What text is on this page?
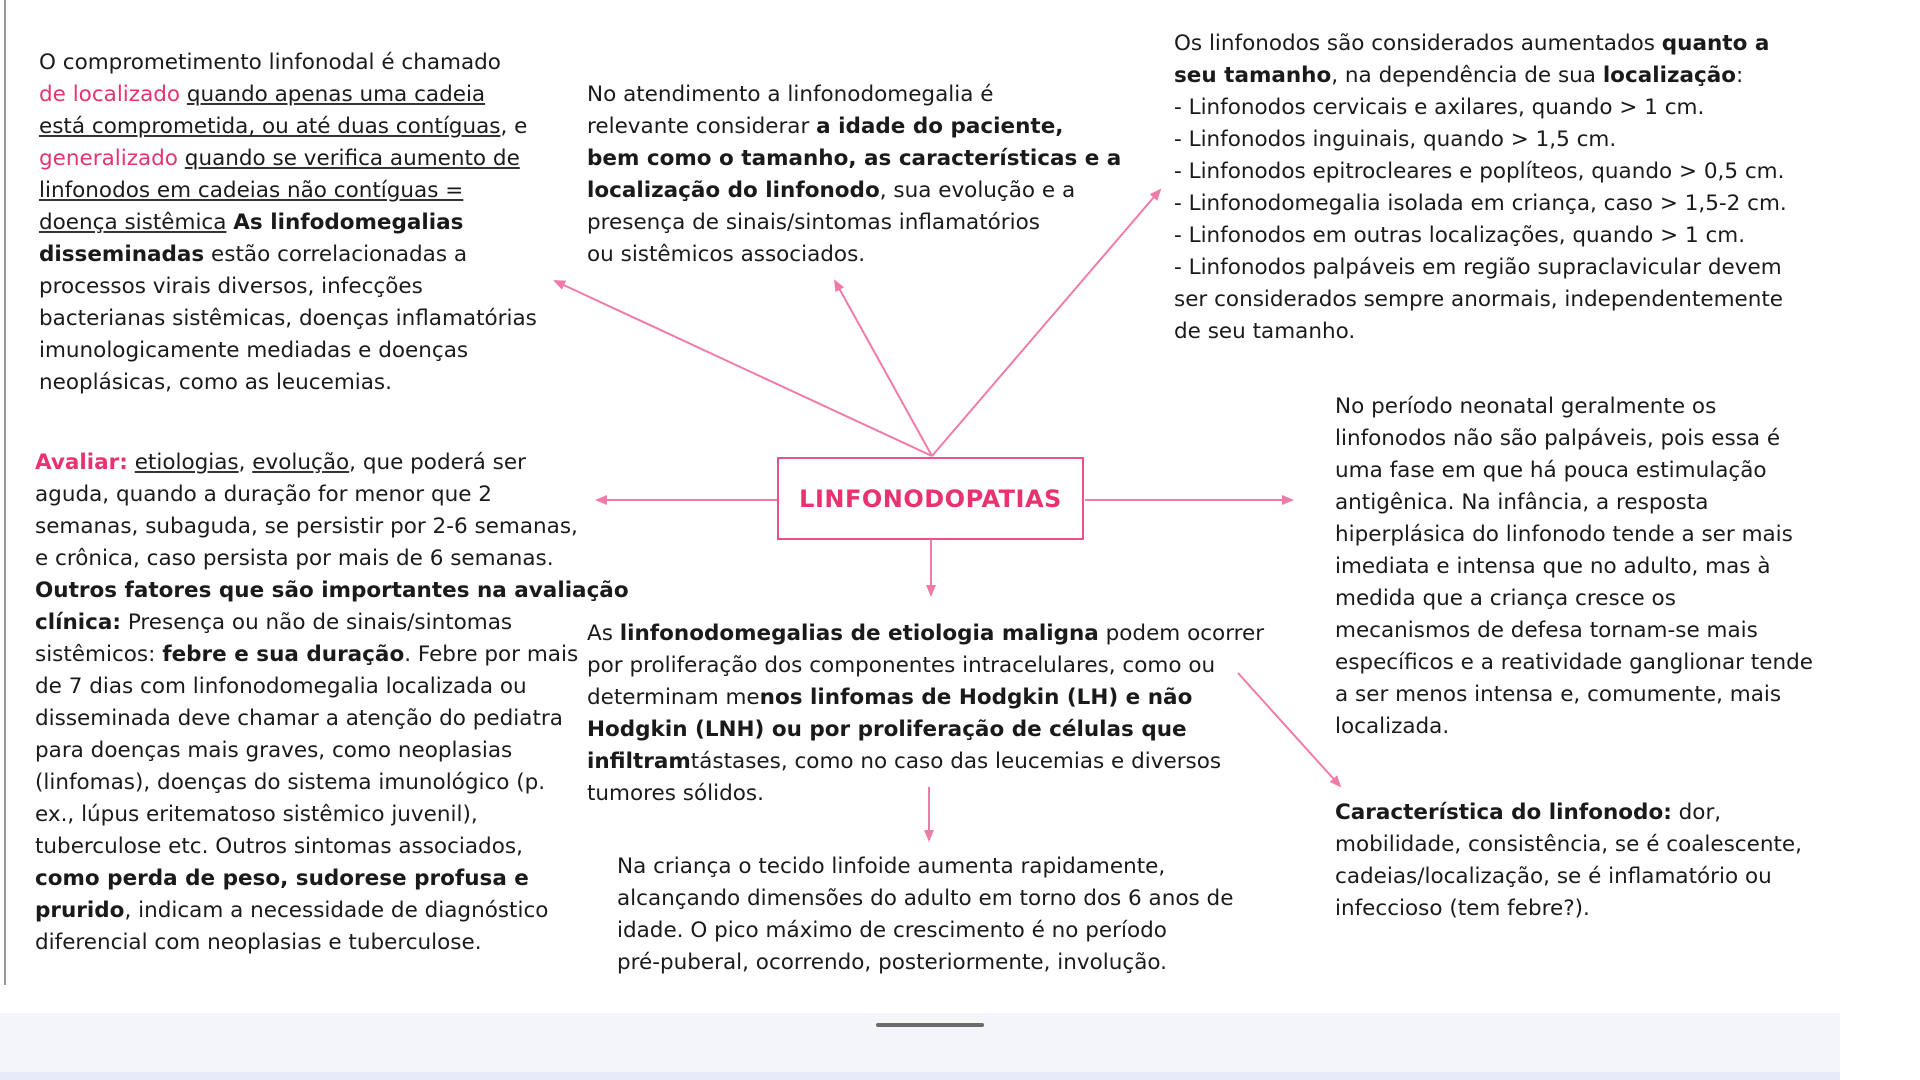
O comprometimento linfonodal é chamado
de localizado quando apenas uma cadeia
está comprometida, ou até duas contíguas, e
generalizado quando se verifica aumento de
linfonodos em cadeias não contíguas =
doença sistêmica As linfodomegalias
disseminadas estão correlacionadas a
processos virais diversos, infecções
bacterianas sistêmicas, doenças inflamatórias
imunologicamente mediadas e doenças
neoplásicas, como as leucemias.
No atendimento a linfonodomegalia é
relevante considerar a idade do paciente,
bem como o tamanho, as características e a
localização do linfonodo, sua evolução e a
presença de sinais/sintomas inflamatórios
ou sistêmicos associados.
Os linfonodos são considerados aumentados quanto a
seu tamanho, na dependência de sua localização:
- Linfonodos cervicais e axilares, quando > 1 cm.
- Linfonodos inguinais, quando > 1,5 cm.
- Linfonodos epitrocleares e poplíteos, quando > 0,5 cm.
- Linfonodomegalia isolada em criança, caso > 1,5-2 cm.
- Linfonodos em outras localizações, quando > 1 cm.
- Linfonodos palpáveis em região supraclavicular devem
ser considerados sempre anormais, independentemente
de seu tamanho.
LINFONODOPATIAS
Avaliar: etiologias, evolução, que poderá ser
aguda, quando a duração for menor que 2
semanas, subaguda, se persistir por 2-6 semanas,
e crônica, caso persista por mais de 6 semanas.
Outros fatores que são importantes na avaliação
clínica: Presença ou não de sinais/sintomas
sistêmicos: febre e sua duração. Febre por mais
de 7 dias com linfonodomegalia localizada ou
disseminada deve chamar a atenção do pediatra
para doenças mais graves, como neoplasias
(linfomas), doenças do sistema imunológico (p.
ex., lúpus eritematoso sistêmico juvenil),
tuberculose etc. Outros sintomas associados,
como perda de peso, sudorese profusa e
prurido, indicam a necessidade de diagnóstico
diferencial com neoplasias e tuberculose.
No período neonatal geralmente os
linfonodos não são palpáveis, pois essa é
uma fase em que há pouca estimulação
antigênica. Na infância, a resposta
hiperplásica do linfonodo tende a ser mais
imediata e intensa que no adulto, mas à
medida que a criança cresce os
mecanismos de defesa tornam-se mais
específicos e a reatividade ganglionar tende
a ser menos intensa e, comumente, mais
localizada.
As linfonodomegalias de etiologia maligna podem ocorrer
por proliferação dos componentes intracelulares, como ou
determinam menos linfomas de Hodgkin (LH) e não
Hodgkin (LNH) ou por proliferação de células que
infiltramtástases, como no caso das leucemias e diversos
tumores sólidos.
Na criança o tecido linfoide aumenta rapidamente,
alcançando dimensões do adulto em torno dos 6 anos de
idade. O pico máximo de crescimento é no período
pré-puberal, ocorrendo, posteriormente, involução.
Característica do linfonodo: dor,
mobilidade, consistência, se é coalescente,
cadeias/localização, se é inflamatório ou
infeccioso (tem febre?).
